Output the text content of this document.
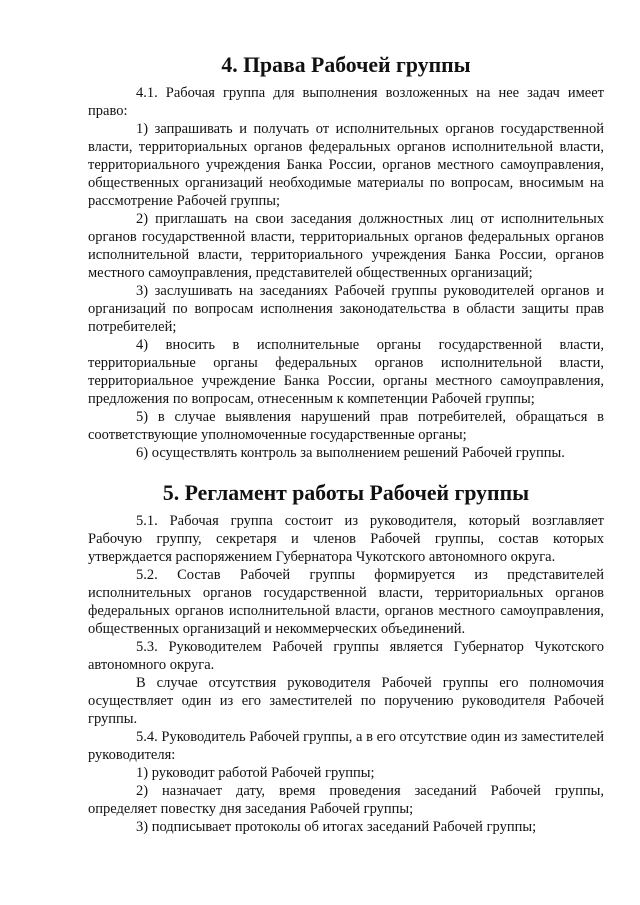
4. Права Рабочей группы

4.1. Рабочая группа для выполнения возложенных на нее задач имеет право:

1) запрашивать и получать от исполнительных органов государственной власти, территориальных органов федеральных органов исполнительной власти, территориального учреждения Банка России, органов местного самоуправления, общественных организаций необходимые материалы по вопросам, вносимым на рассмотрение Рабочей группы;

2) приглашать на свои заседания должностных лиц от исполнительных органов государственной власти, территориальных органов федеральных органов исполнительной власти, территориального учреждения Банка России, органов местного самоуправления, представителей общественных организаций;

3) заслушивать на заседаниях Рабочей группы руководителей органов и организаций по вопросам исполнения законодательства в области защиты прав потребителей;

4) вносить в исполнительные органы государственной власти, территориальные органы федеральных органов исполнительной власти, территориальное учреждение Банка России, органы местного самоуправления, предложения по вопросам, отнесенным к компетенции Рабочей группы;

5) в случае выявления нарушений прав потребителей, обращаться в соответствующие уполномоченные государственные органы;

6) осуществлять контроль за выполнением решений Рабочей группы.

5. Регламент работы Рабочей группы

5.1. Рабочая группа состоит из руководителя, который возглавляет Рабочую группу, секретаря и членов Рабочей группы, состав которых утверждается распоряжением Губернатора Чукотского автономного округа.

5.2. Состав Рабочей группы формируется из представителей исполнительных органов государственной власти, территориальных органов федеральных органов исполнительной власти, органов местного самоуправления, общественных организаций и некоммерческих объединений.

5.3. Руководителем Рабочей группы является Губернатор Чукотского автономного округа.

В случае отсутствия руководителя Рабочей группы его полномочия осуществляет один из его заместителей по поручению руководителя Рабочей группы.

5.4. Руководитель Рабочей группы, а в его отсутствие один из заместителей руководителя:

1) руководит работой Рабочей группы;

2) назначает дату, время проведения заседаний Рабочей группы, определяет повестку дня заседания Рабочей группы;

3) подписывает протоколы об итогах заседаний Рабочей группы;
